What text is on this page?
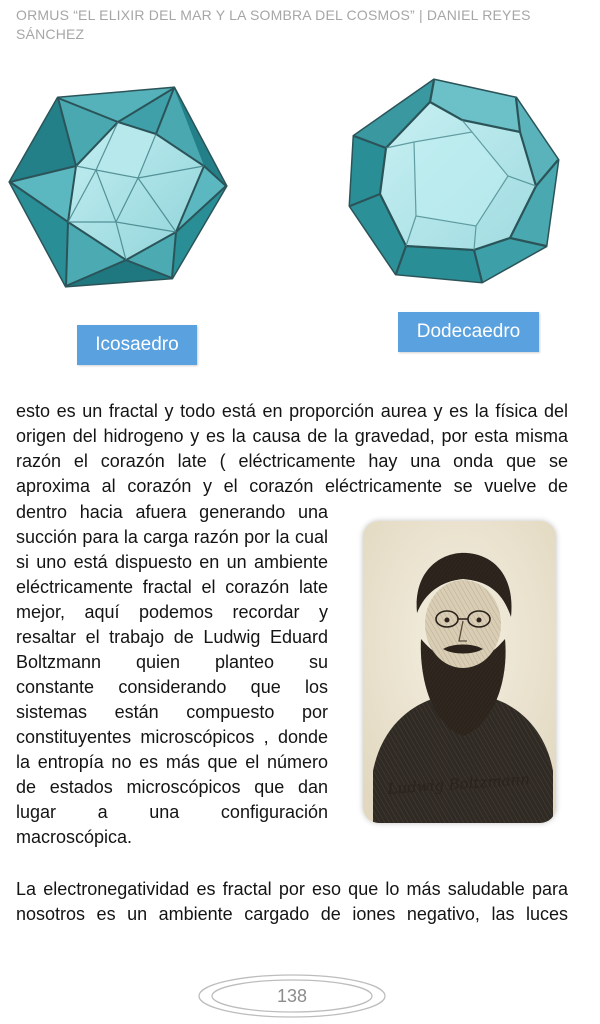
ORMUS “EL ELIXIR DEL MAR Y LA SOMBRA DEL COSMOS” | DANIEL REYES SÁNCHEZ
Icosaedro
Dodecaedro
esto es un fractal y todo está en proporción aurea y es la física del
origen del hidrogeno y es la causa de la gravedad, por esta misma
razón el corazón late ( eléctricamente hay una onda que se
aproxima al corazón y el corazón eléctricamente se vuelve de
dentro hacia afuera generando una
succión para la carga razón por la cual
si uno está dispuesto en un ambiente
eléctricamente fractal el corazón late
mejor, aquí podemos recordar y
resaltar el trabajo de Ludwig Eduard
Boltzmann quien planteo su
constante considerando que los
sistemas están compuesto por
constituyentes microscópicos , donde
la entropía no es más que el número
de estados microscópicos que dan
lugar a una configuración
macroscópica.
Ludwig Boltzmann
La electronegatividad es fractal por eso que lo más saludable para
nosotros es un ambiente cargado de iones negativo, las luces
138
